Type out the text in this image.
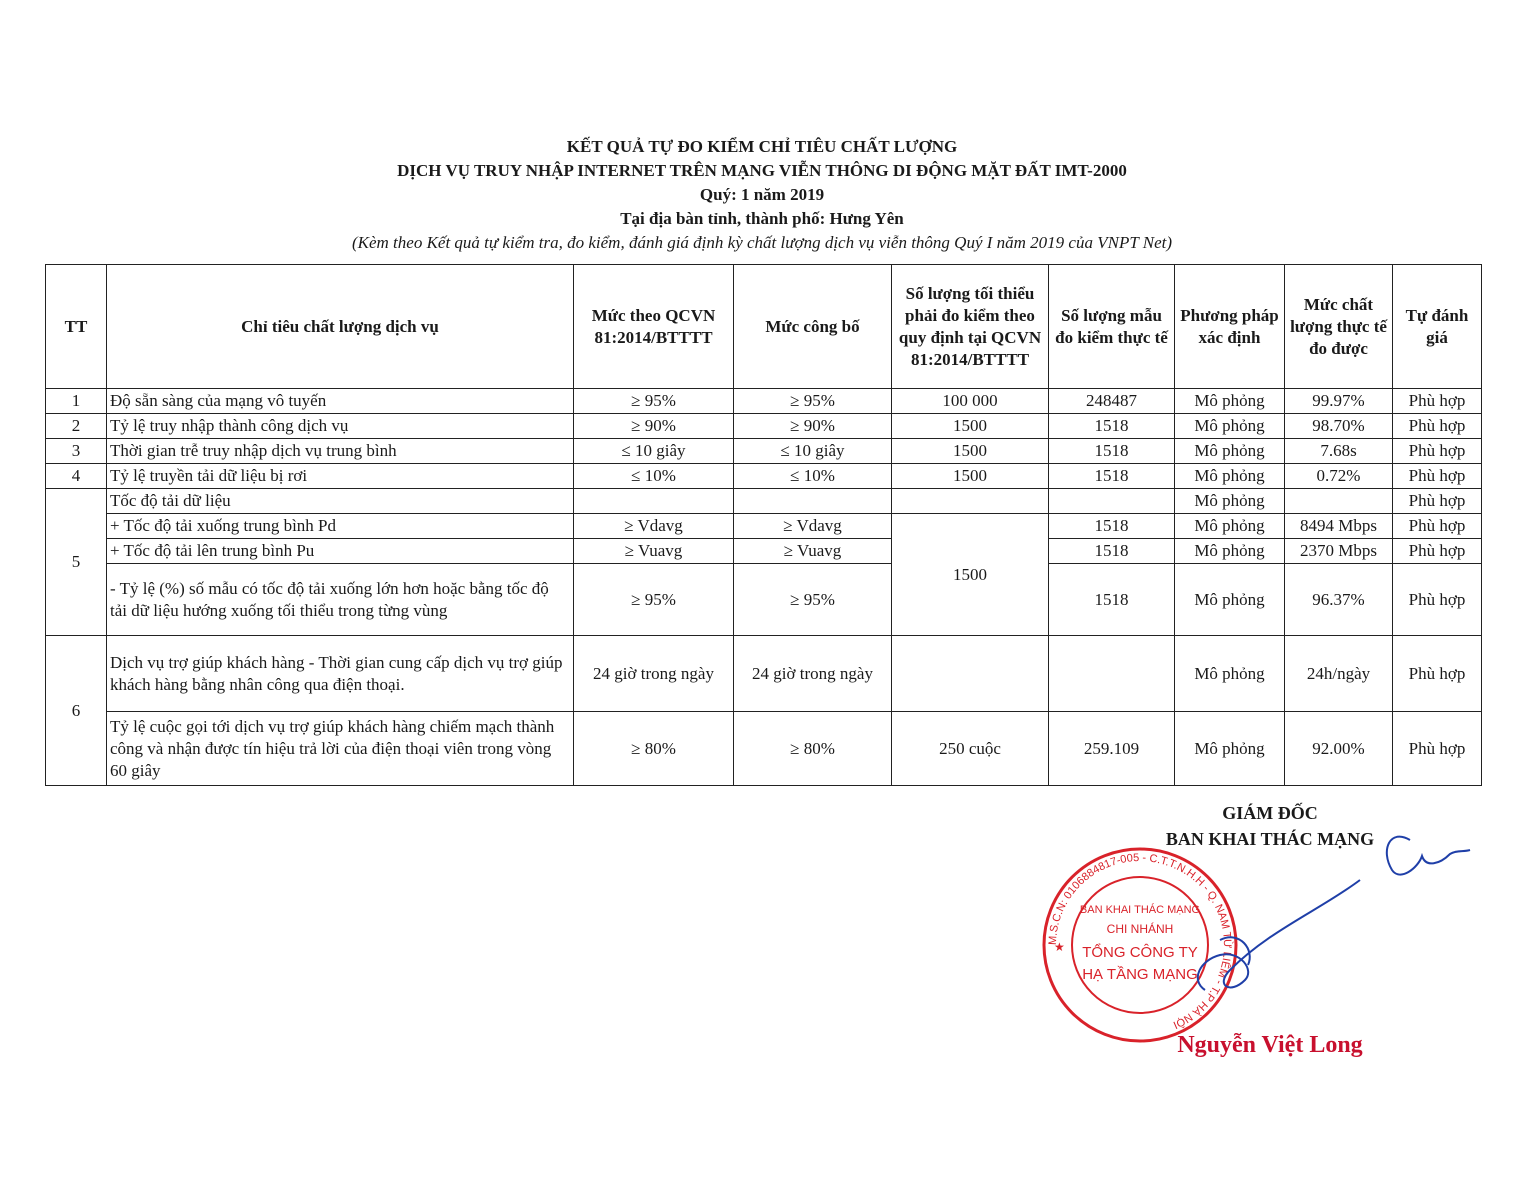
KẾT QUẢ TỰ ĐO KIỂM CHỈ TIÊU CHẤT LƯỢNG
DỊCH VỤ TRUY NHẬP INTERNET TRÊN MẠNG VIỄN THÔNG DI ĐỘNG MẶT ĐẤT IMT-2000
Quý: 1 năm 2019
Tại địa bàn tỉnh, thành phố: Hưng Yên
(Kèm theo Kết quả tự kiểm tra, đo kiểm, đánh giá định kỳ chất lượng dịch vụ viễn thông Quý I năm 2019 của VNPT Net)
TT	Chỉ tiêu chất lượng dịch vụ	Mức theo QCVN 81:2014/BTTTT	Mức công bố	Số lượng tối thiểu phải đo kiểm theo quy định tại QCVN 81:2014/BTTTT	Số lượng mẫu đo kiểm thực tế	Phương pháp xác định	Mức chất lượng thực tế đo được	Tự đánh giá
1	Độ sẵn sàng của mạng vô tuyến	≥ 95%	≥ 95%	100 000	248487	Mô phỏng	99.97%	Phù hợp
2	Tỷ lệ truy nhập thành công dịch vụ	≥ 90%	≥ 90%	1500	1518	Mô phỏng	98.70%	Phù hợp
3	Thời gian trễ truy nhập dịch vụ trung bình	≤ 10 giây	≤ 10 giây	1500	1518	Mô phỏng	7.68s	Phù hợp
4	Tỷ lệ truyền tải dữ liệu bị rơi	≤ 10%	≤ 10%	1500	1518	Mô phỏng	0.72%	Phù hợp
5	Tốc độ tải dữ liệu					Mô phỏng		Phù hợp
	+ Tốc độ tải xuống trung bình Pd	≥ Vdavg	≥ Vdavg	1500	1518	Mô phỏng	8494 Mbps	Phù hợp
	+ Tốc độ tải lên trung bình Pu	≥ Vuavg	≥ Vuavg		1518	Mô phỏng	2370 Mbps	Phù hợp
	- Tỷ lệ (%) số mẫu có tốc độ tải xuống lớn hơn hoặc bằng tốc độ tải dữ liệu hướng xuống tối thiểu trong từng vùng	≥ 95%	≥ 95%		1518	Mô phỏng	96.37%	Phù hợp
6	Dịch vụ trợ giúp khách hàng - Thời gian cung cấp dịch vụ trợ giúp khách hàng bằng nhân công qua điện thoại.	24 giờ trong ngày	24 giờ trong ngày			Mô phỏng	24h/ngày	Phù hợp
	Tỷ lệ cuộc gọi tới dịch vụ trợ giúp khách hàng chiếm mạch thành công và nhận được tín hiệu trả lời của điện thoại viên trong vòng 60 giây	≥ 80%	≥ 80%	250 cuộc	259.109	Mô phỏng	92.00%	Phù hợp
M.S.C.N: 0106884817-005 - C.T.T.N.H.H - Q. NAM TỪ LIÊM - T.P HÀ NỘI
BAN KHAI THÁC MẠNG
CHI NHÁNH
TỔNG CÔNG TY
HẠ TẦNG MẠNG
★
GIÁM ĐỐC
BAN KHAI THÁC MẠNG
Nguyễn Việt Long
